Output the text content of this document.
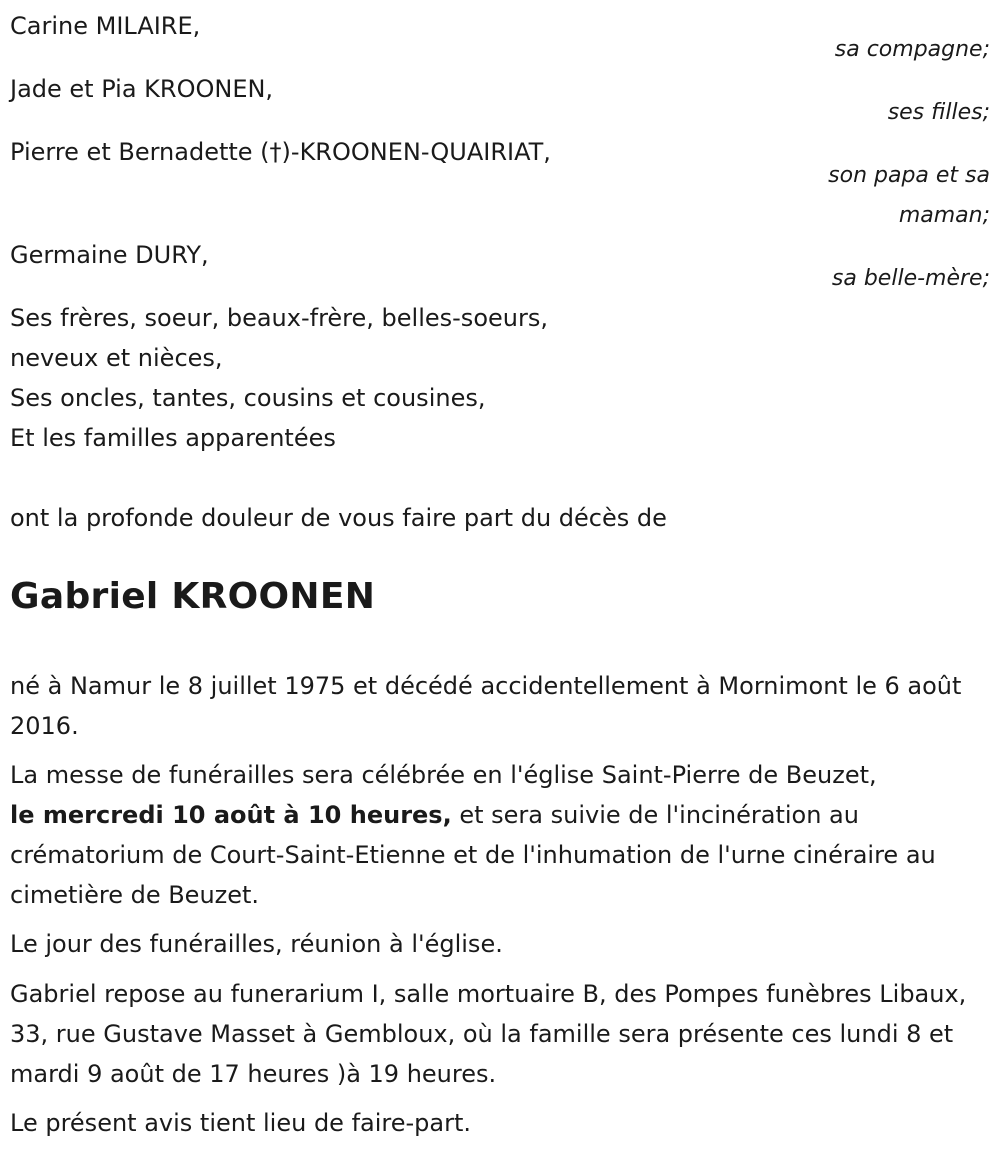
Carine MILAIRE,
sa compagne;
Jade et Pia KROONEN,
ses filles;
Pierre et Bernadette (†)-KROONEN-QUAIRIAT,
son papa et sa
maman;
Germaine DURY,
sa belle-mère;
Ses frères, soeur, beaux-frère, belles-soeurs,
neveux et nièces,
Ses oncles, tantes, cousins et cousines,
Et les familles apparentées
ont la profonde douleur de vous faire part du décès de
Gabriel KROONEN
né à Namur le 8 juillet 1975 et décédé accidentellement à Mornimont le 6 août 2016.
La messe de funérailles sera célébrée en l'église Saint-Pierre de Beuzet,
le mercredi 10 août à 10 heures, et sera suivie de l'incinération au crématorium de Court-Saint-Etienne et de l'inhumation de l'urne cinéraire au cimetière de Beuzet.
Le jour des funérailles, réunion à l'église.
Gabriel repose au funerarium I, salle mortuaire B, des Pompes funèbres Libaux, 33, rue Gustave Masset à Gembloux, où la famille sera présente ces lundi 8 et mardi 9 août de 17 heures )à 19 heures.
Le présent avis tient lieu de faire-part.
